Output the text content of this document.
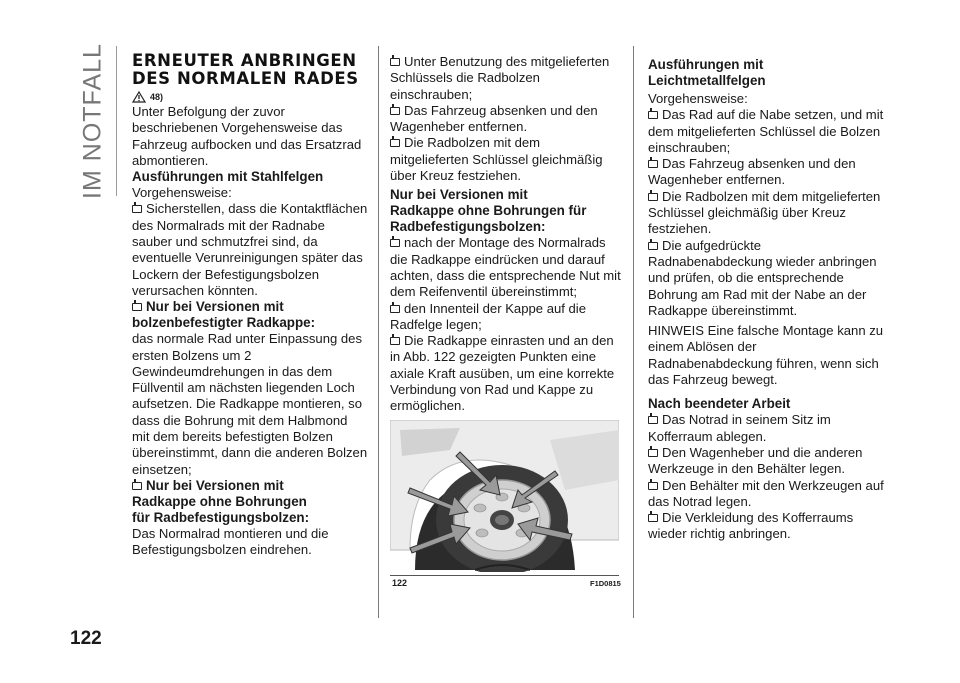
IM NOTFALL
122

ERNEUTER ANBRINGEN

DES NORMALEN RADES

48)

Unter Befolgung der zuvor beschriebenen Vorgehensweise das Fahrzeug aufbocken und das Ersatzrad abmontieren.

Ausführungen mit Stahlfelgen

Vorgehensweise:

Sicherstellen, dass die Kontaktflächen des Normalrads mit der Radnabe sauber und schmutzfrei sind, da eventuelle Verunreinigungen später das Lockern der Befestigungsbolzen verursachen könnten.

Nur bei Versionen mit

bolzenbefestigter Radkappe:

das normale Rad unter Einpassung des ersten Bolzens um 2 Gewindeumdrehungen in das dem Füllventil am nächsten liegenden Loch aufsetzen. Die Radkappe montieren, so dass die Bohrung mit dem Halbmond mit dem bereits befestigten Bolzen übereinstimmt, dann die anderen Bolzen einsetzen;

Nur bei Versionen mit

Radkappe ohne Bohrungen

für Radbefestigungsbolzen:

Das Normalrad montieren und die Befestigungsbolzen eindrehen.

Unter Benutzung des mitgelieferten Schlüssels die Radbolzen einschrauben;

Das Fahrzeug absenken und den Wagenheber entfernen.

Die Radbolzen mit dem mitgelieferten Schlüssel gleichmäßig über Kreuz festziehen.

Nur bei Versionen mit

Radkappe ohne Bohrungen für

Radbefestigungsbolzen:

nach der Montage des Normalrads die Radkappe eindrücken und darauf achten, dass die entsprechende Nut mit dem Reifenventil übereinstimmt;

den Innenteil der Kappe auf die Radfelge legen;

Die Radkappe einrasten und an den in Abb. 122 gezeigten Punkten eine axiale Kraft ausüben, um eine korrekte Verbindung von Rad und Kappe zu ermöglichen.

122	F1D0815

Ausführungen mit

Leichtmetallfelgen

Vorgehensweise:

Das Rad auf die Nabe setzen, und mit dem mitgelieferten Schlüssel die Bolzen einschrauben;

Das Fahrzeug absenken und den Wagenheber entfernen.

Die Radbolzen mit dem mitgelieferten Schlüssel gleichmäßig über Kreuz festziehen.

Die aufgedrückte Radnabenabdeckung wieder anbringen und prüfen, ob die entsprechende Bohrung am Rad mit der Nabe an der Radkappe übereinstimmt.

HINWEIS Eine falsche Montage kann zu einem Ablösen der Radnabenabdeckung führen, wenn sich das Fahrzeug bewegt.

Nach beendeter Arbeit

Das Notrad in seinem Sitz im Kofferraum ablegen.

Den Wagenheber und die anderen Werkzeuge in den Behälter legen.

Den Behälter mit den Werkzeugen auf das Notrad legen.

Die Verkleidung des Kofferraums wieder richtig anbringen.
